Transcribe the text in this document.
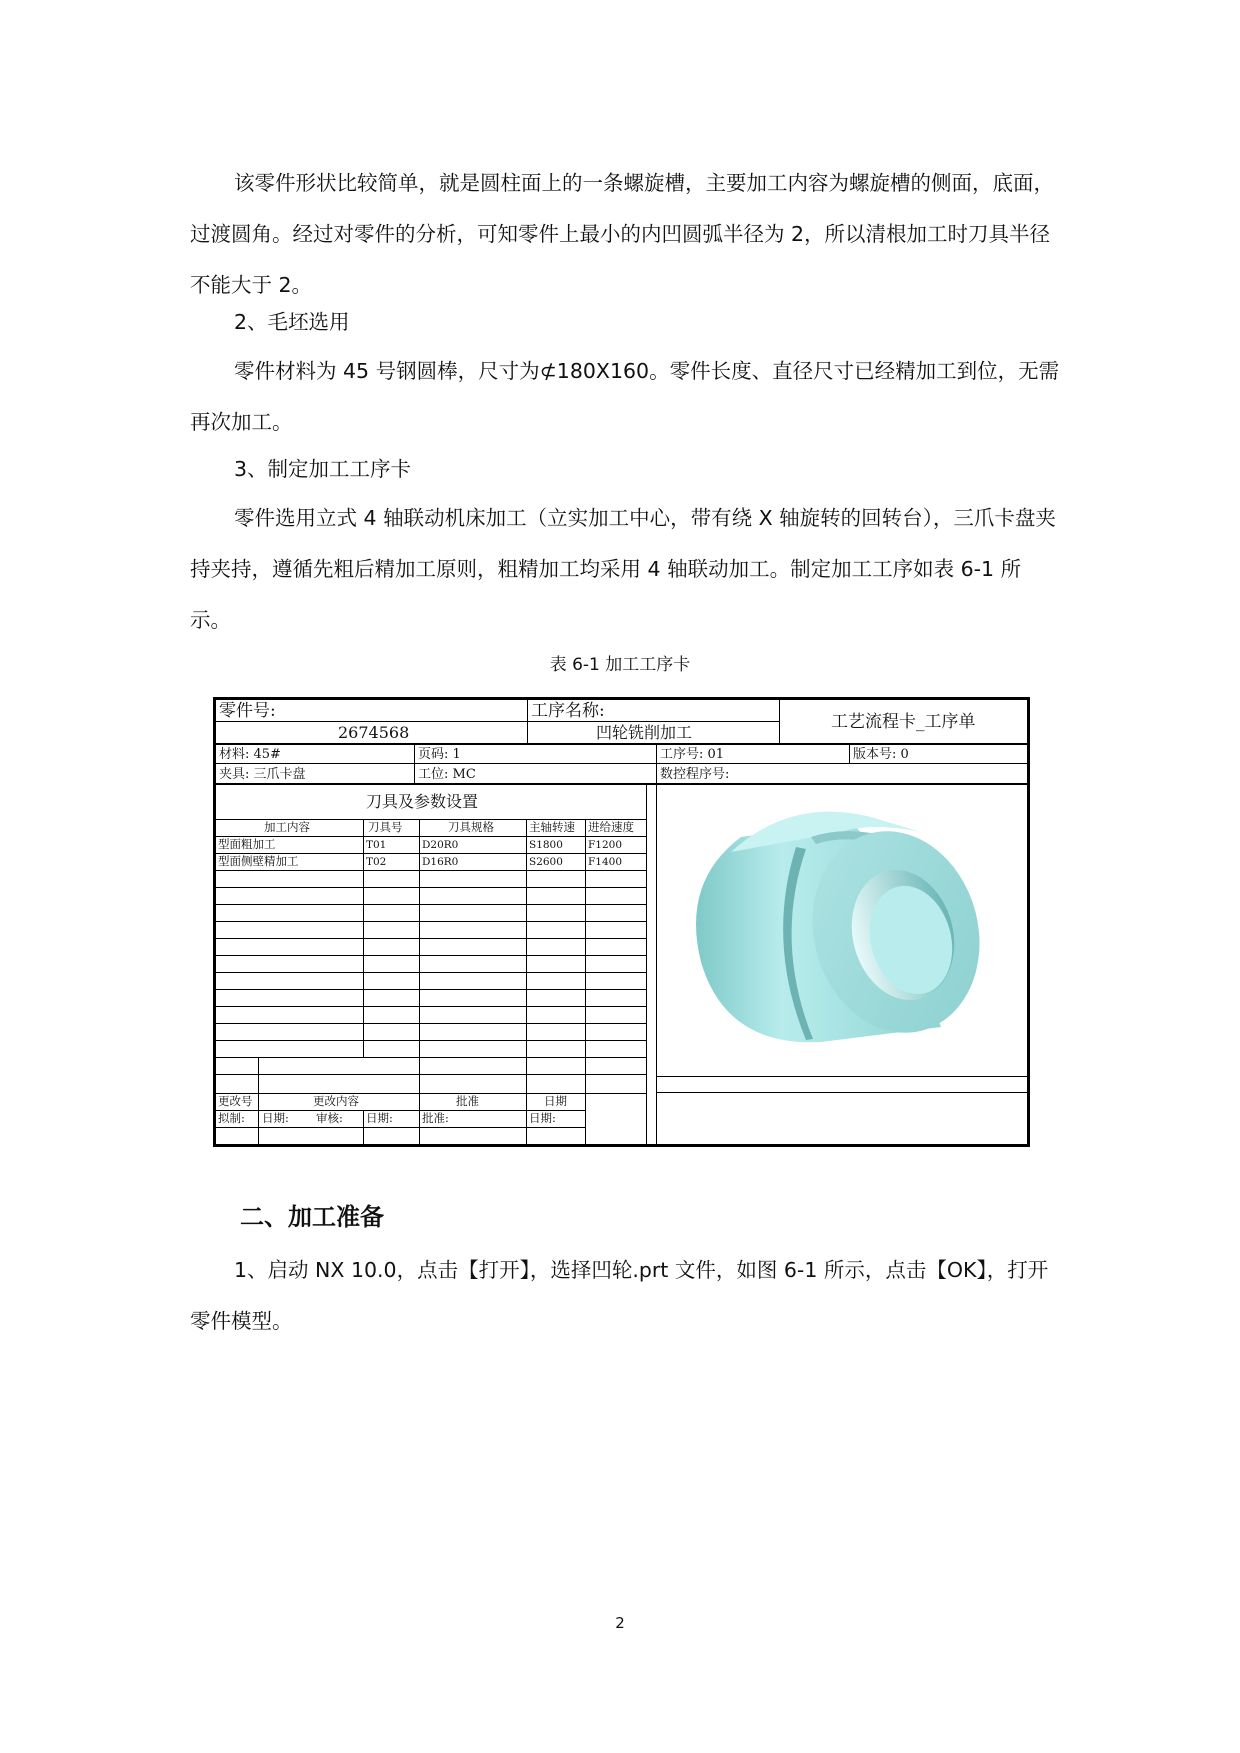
该零件形状比较简单，就是圆柱面上的一条螺旋槽，主要加工内容为螺旋槽的侧面，底面，过渡圆角。经过对零件的分析，可知零件上最小的内凹圆弧半径为 2，所以清根加工时刀具半径不能大于 2。

2、毛坯选用

零件材料为 45 号钢圆棒，尺寸为⊄180X160。零件长度、直径尺寸已经精加工到位，无需再次加工。

3、制定加工工序卡

零件选用立式 4 轴联动机床加工（立实加工中心，带有绕 X 轴旋转的回转台），三爪卡盘夹持夹持，遵循先粗后精加工原则，粗精加工均采用 4 轴联动加工。制定加工工序如表 6-1 所示。

表 6-1 加工工序卡
零件号:
2674568
工序名称:
凹轮铣削加工
工艺流程卡_工序单
材料: 45#	页码: 1	工序号: 01	版本号: 0
夹具: 三爪卡盘	工位: MC	数控程序号:
刀具及参数设置
加工内容	刀具号	刀具规格	主轴转速 进给速度
型面粗加工	T01	D20R0	S1800 F1200
型面侧壁精加工	T02	D16R0	S2600 F1400
更改号	更改内容	批准	日期
拟制: 日期: 审核: 日期:	批准:	日期:
二、加工准备

1、启动 NX 10.0，点击【打开】，选择凹轮.prt 文件，如图 6-1 所示，点击【OK】，打开零件模型。

2
